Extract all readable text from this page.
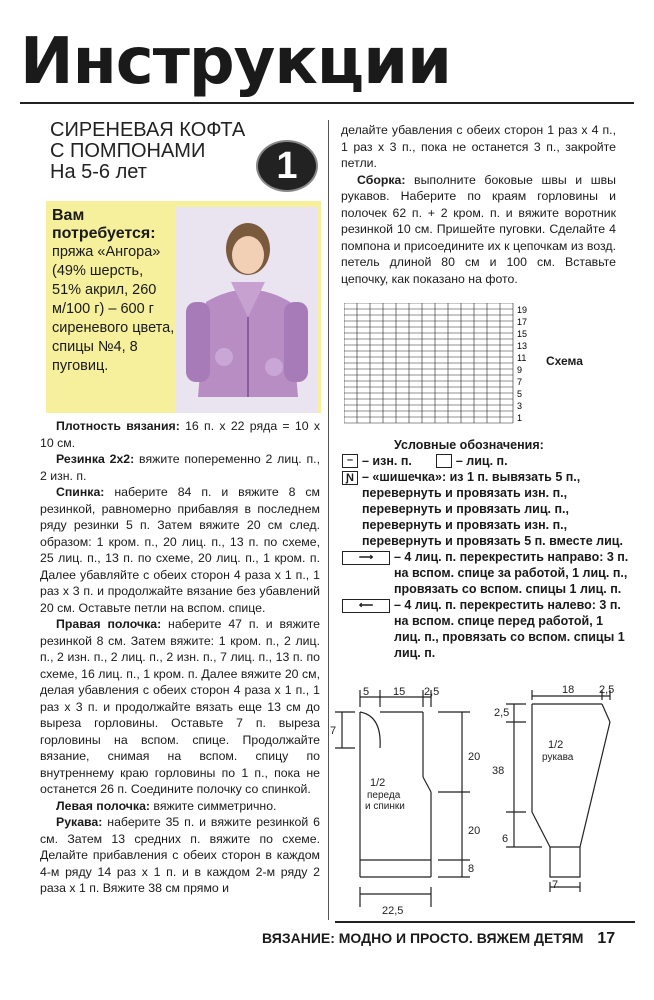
Инструкции
СИРЕНЕВАЯ КОФТА
С ПОМПОНАМИ
На 5-6 лет	1
Вам потребуется:
пряжа «Ангора» (49% шерсть, 51% акрил, 260 м/100 г) – 600 г сиреневого цвета, спицы №4, 8 пуговиц.

Плотность вязания: 16 п. х 22 ряда = 10 х 10 см.

Резинка 2х2: вяжите попеременно 2 лиц. п., 2 изн. п.

Спинка: наберите 84 п. и вяжите 8 см резинкой, равномерно прибавляя в последнем ряду резинки 5 п. Затем вяжите 20 см след. образом: 1 кром. п., 20 лиц. п., 13 п. по схеме, 25 лиц. п., 13 п. по схеме, 20 лиц. п., 1 кром. п. Далее убавляйте с обеих сторон 4 раза х 1 п., 1 раз х 3 п. и продолжайте вязание без убавлений 20 см. Оставьте петли на вспом. спице.

Правая полочка: наберите 47 п. и вяжите резинкой 8 см. Затем вяжите: 1 кром. п., 2 лиц. п., 2 изн. п., 2 лиц. п., 2 изн. п., 7 лиц. п., 13 п. по схеме, 16 лиц. п., 1 кром. п. Далее вяжите 20 см, делая убавления с обеих сторон 4 раза х 1 п., 1 раз х 3 п. и продолжайте вязать еще 13 см до выреза горловины. Оставьте 7 п. выреза горловины на вспом. спице. Продолжайте вязание, снимая на вспом. спицу по внутреннему краю горловины по 1 п., пока не останется 26 п. Соедините полочку со спинкой.

Левая полочка: вяжите симметрично.

Рукава: наберите 35 п. и вяжите резинкой 6 см. Затем 13 средних п. вяжите по схеме. Делайте прибавления с обеих сторон в каждом 4-м ряду 14 раз х 1 п. и в каждом 2-м ряду 2 раза х 1 п. Вяжите 38 см прямо и

делайте убавления с обеих сторон 1 раз х 4 п., 1 раз х 3 п., пока не останется 3 п., закройте петли.

Сборка: выполните боковые швы и швы рукавов. Наберите по краям горловины и полочек 62 п. + 2 кром. п. и вяжите воротник резинкой 10 см. Пришейте пуговки. Сделайте 4 помпона и присоедините их к цепочкам из возд. петель длиной 80 см и 100 см. Вставьте цепочку, как показано на фото.

19
17
15
13
11
9
7
5
3
1
Схема
Условные обозначения:
– – изн. п.	– лиц. п.
Ɲ – «шишечка»: из 1 п. вывязать 5 п., перевернуть и провязать изн. п., перевернуть и провязать лиц. п., перевернуть и провязать изн. п., перевернуть и провязать 5 п. вместе лиц.
⟶	– 4 лиц. п. перекрестить направо: 3 п. на вспом. спице за работой, 1 лиц. п., провязать со вспом. спицы 1 лиц. п.
⟵	– 4 лиц. п. перекрестить налево: 3 п. на вспом. спице перед работой, 1 лиц. п., провязать со вспом. спицы 1 лиц. п.
5 15 2,5
7
20
20
8
22,5
1/2
переда
и спинки
18 2,5
2,5
38
6
7
1/2
рукава
ВЯЗАНИЕ: МОДНО И ПРОСТО. ВЯЖЕМ ДЕТЯМ 17
